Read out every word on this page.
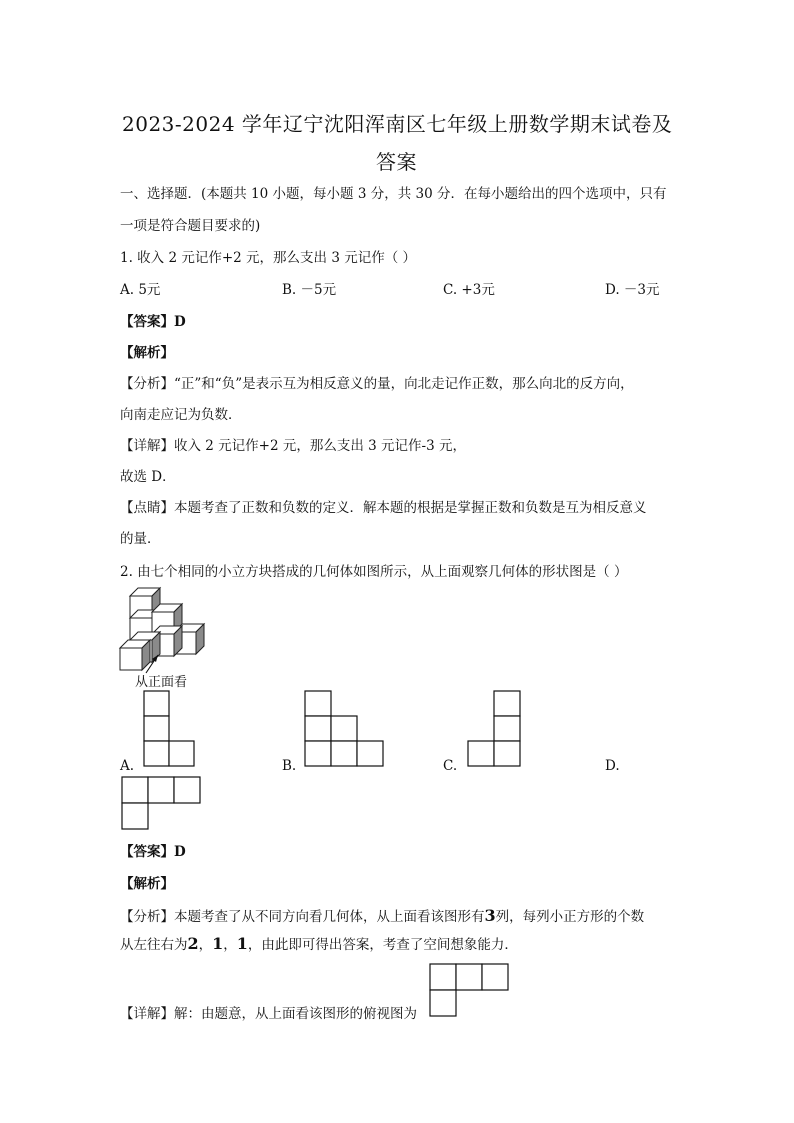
2023-2024 学年辽宁沈阳浑南区七年级上册数学期末试卷及
答案
一、选择题．(本题共 10 小题，每小题 3 分，共 30 分．在每小题给出的四个选项中，只有
一项是符合题目要求的)
1. 收入 2 元记作+2 元，那么支出 3 元记作（ ）
A. 5元	B. －5元	C. +3元	D. －3元
【答案】D
【解析】
【分析】“正”和“负”是表示互为相反意义的量，向北走记作正数，那么向北的反方向，
向南走应记为负数．
【详解】收入 2 元记作+2 元，那么支出 3 元记作-3 元，
故选 D．
【点睛】本题考查了正数和负数的定义．解本题的根据是掌握正数和负数是互为相反意义
的量．
2. 由七个相同的小立方块搭成的几何体如图所示，从上面观察几何体的形状图是（ ）
从正面看
A.	B.	C.	D.
【答案】D
【解析】
【分析】本题考查了从不同方向看几何体，从上面看该图形有3列，每列小正方形的个数
从左往右为2，1，1，由此即可得出答案，考查了空间想象能力．
【详解】解：由题意，从上面看该图形的俯视图为
